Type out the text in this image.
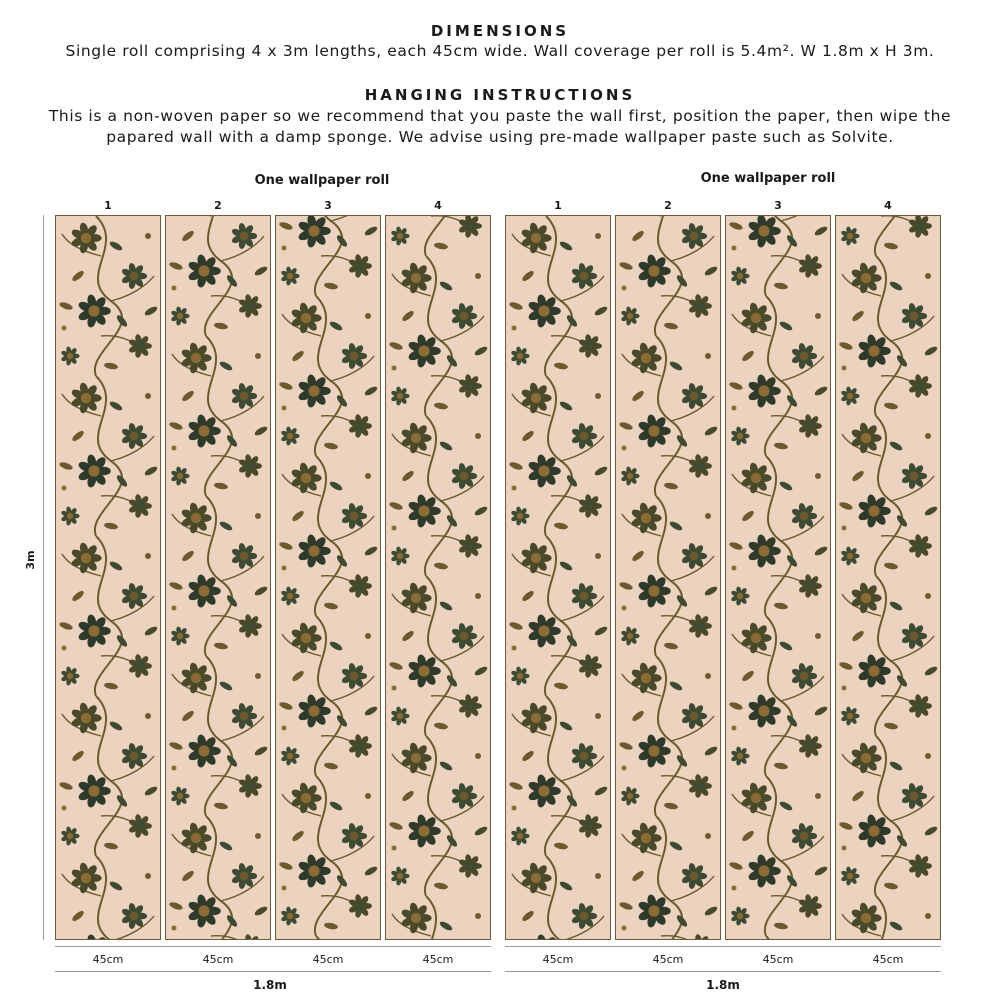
DIMENSIONS
Single roll comprising 4 x 3m lengths, each 45cm wide. Wall coverage per roll is 5.4m². W 1.8m x H 3m.
HANGING INSTRUCTIONS
This is a non-woven paper so we recommend that you paste the wall first, position the paper, then wipe the
papared wall with a damp sponge. We advise using pre-made wallpaper paste such as Solvite.
One wallpaper roll	One wallpaper roll
1	2	3	4	1	2	3	4
3m
45cm	45cm	45cm	45cm	45cm	45cm	45cm	45cm
1.8m	1.8m
